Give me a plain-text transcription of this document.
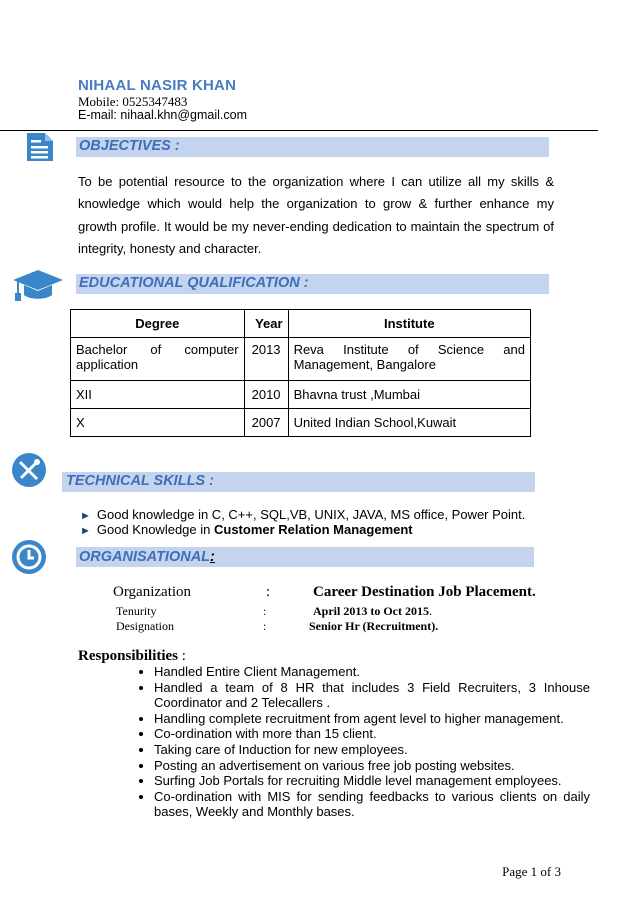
NIHAAL NASIR KHAN
Mobile: 0525347483
E-mail: nihaal.khn@gmail.com
OBJECTIVES :
To be potential resource to the organization where I can utilize all my skills & knowledge which would help the organization to grow & further enhance my growth profile. It would be my never-ending dedication to maintain the spectrum of integrity, honesty and character.
EDUCATIONAL QUALIFICATION :
Degree	Year	Institute
Bachelor of computer application	2013	Reva Institute of Science and Management, Bangalore
XII	2010	Bhavna trust ,Mumbai
X	2007	United Indian School,Kuwait
TECHNICAL SKILLS :
► Good knowledge in C, C++, SQL,VB, UNIX, JAVA, MS office, Power Point.
► Good Knowledge in Customer Relation Management
ORGANISATIONAL:
Organization	:	Career Destination Job Placement.
Tenurity	:	April 2013 to Oct 2015.
Designation	:	Senior Hr (Recruitment).
Responsibilities :
• Handled Entire Client Management.
• Handled a team of 8 HR that includes 3 Field Recruiters, 3 Inhouse Coordinator and 2 Telecallers .
• Handling complete recruitment from agent level to higher management.
• Co-ordination with more than 15 client.
• Taking care of Induction for new employees.
• Posting an advertisement on various free job posting websites.
• Surfing Job Portals for recruiting Middle level management employees.
• Co-ordination with MIS for sending feedbacks to various clients on daily bases, Weekly and Monthly bases.
Page 1 of 3
